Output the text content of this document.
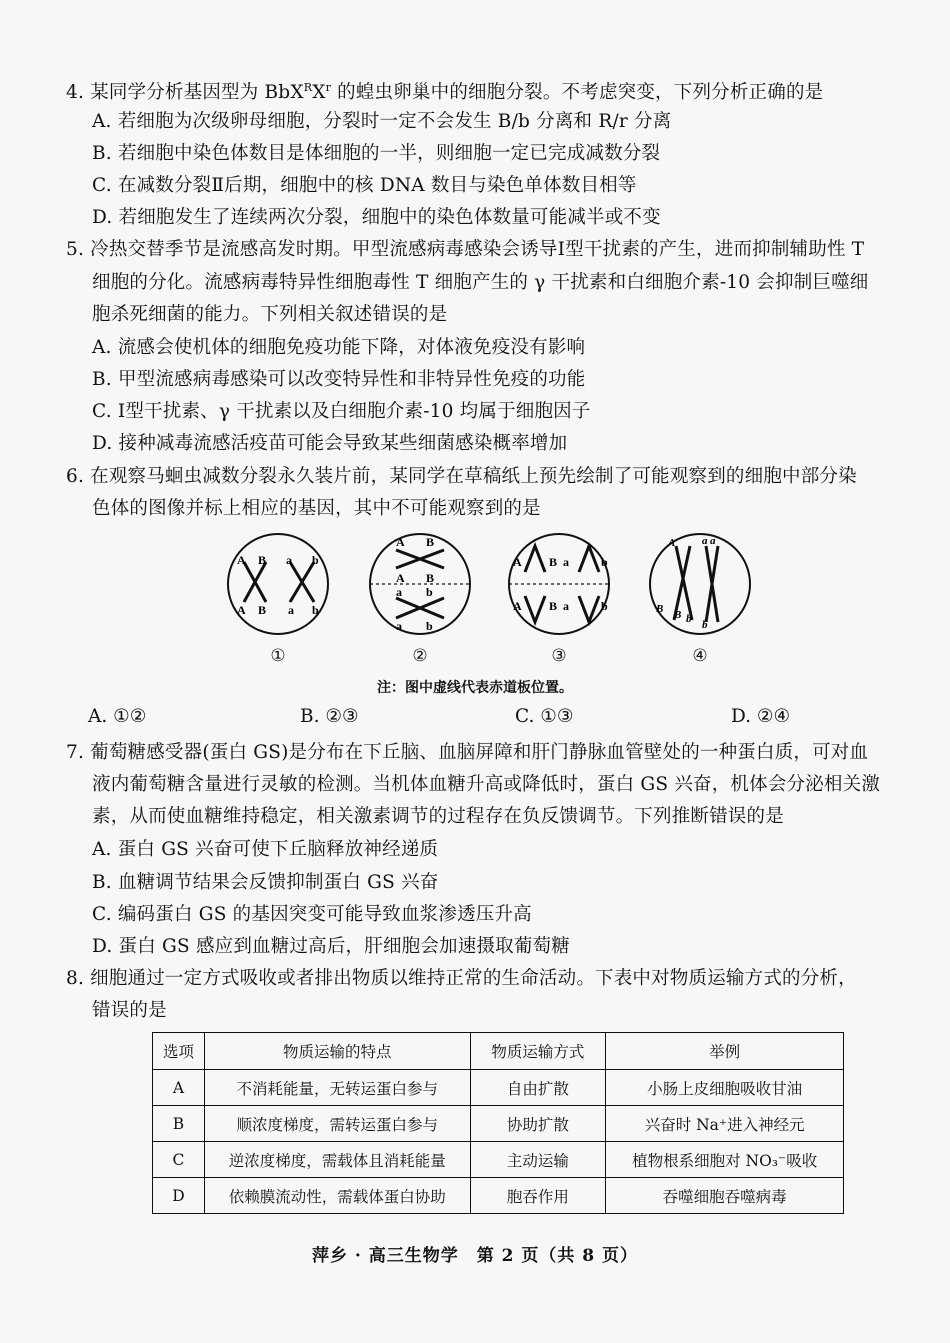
4. 某同学分析基因型为 $BbX^RX^r$ 的蝗虫卵巢中的细胞分裂。不考虑突变，下列分析正确的是
A. 若细胞为次级卵母细胞，分裂时一定不会发生 B/b 分离和 R/r 分离
B. 若细胞中染色体数目是体细胞的一半，则细胞一定已完成减数分裂
C. 在减数分裂Ⅱ后期，细胞中的核 DNA 数目与染色单体数目相等
D. 若细胞发生了连续两次分裂，细胞中的染色体数量可能减半或不变
5. 冷热交替季节是流感高发时期。甲型流感病毒感染会诱导Ⅰ型干扰素的产生，进而抑制辅助性 T
细胞的分化。流感病毒特异性细胞毒性 T 细胞产生的 γ 干扰素和白细胞介素-10 会抑制巨噬细
胞杀死细菌的能力。下列相关叙述错误的是
A. 流感会使机体的细胞免疫功能下降，对体液免疫没有影响
B. 甲型流感病毒感染可以改变特异性和非特异性免疫的功能
C. Ⅰ型干扰素、γ 干扰素以及白细胞介素-10 均属于细胞因子
D. 接种减毒流感活疫苗可能会导致某些细菌感染概率增加
6. 在观察马蛔虫减数分裂永久装片前，某同学在草稿纸上预先绘制了可能观察到的细胞中部分染
色体的图像并标上相应的基因，其中不可能观察到的是
A B
A B a
b
a
b
①
A B
A B
a b
a b
②
A B a	b
A B a	b
③
A a a
B B b b
④
注：图中虚线代表赤道板位置。
A. ①②	B. ②③	C. ①③	D. ②④
7. 葡萄糖感受器(蛋白 GS)是分布在下丘脑、血脑屏障和肝门静脉血管壁处的一种蛋白质，可对血
液内葡萄糖含量进行灵敏的检测。当机体血糖升高或降低时，蛋白 GS 兴奋，机体会分泌相关激
素，从而使血糖维持稳定，相关激素调节的过程存在负反馈调节。下列推断错误的是
A. 蛋白 GS 兴奋可使下丘脑释放神经递质
B. 血糖调节结果会反馈抑制蛋白 GS 兴奋
C. 编码蛋白 GS 的基因突变可能导致血浆渗透压升高
D. 蛋白 GS 感应到血糖过高后，肝细胞会加速摄取葡萄糖
8. 细胞通过一定方式吸收或者排出物质以维持正常的生命活动。下表中对物质运输方式的分析，
错误的是
选项	物质运输的特点	物质运输方式	举例
A	不消耗能量，无转运蛋白参与	自由扩散	小肠上皮细胞吸收甘油
B	顺浓度梯度，需转运蛋白参与	协助扩散	兴奋时 Na⁺进入神经元
C	逆浓度梯度，需载体且消耗能量	主动运输	植物根系细胞对 NO₃⁻吸收
D	依赖膜流动性，需载体蛋白协助	胞吞作用	吞噬细胞吞噬病毒
萍乡 · 高三生物学　第 2 页（共 8 页）
